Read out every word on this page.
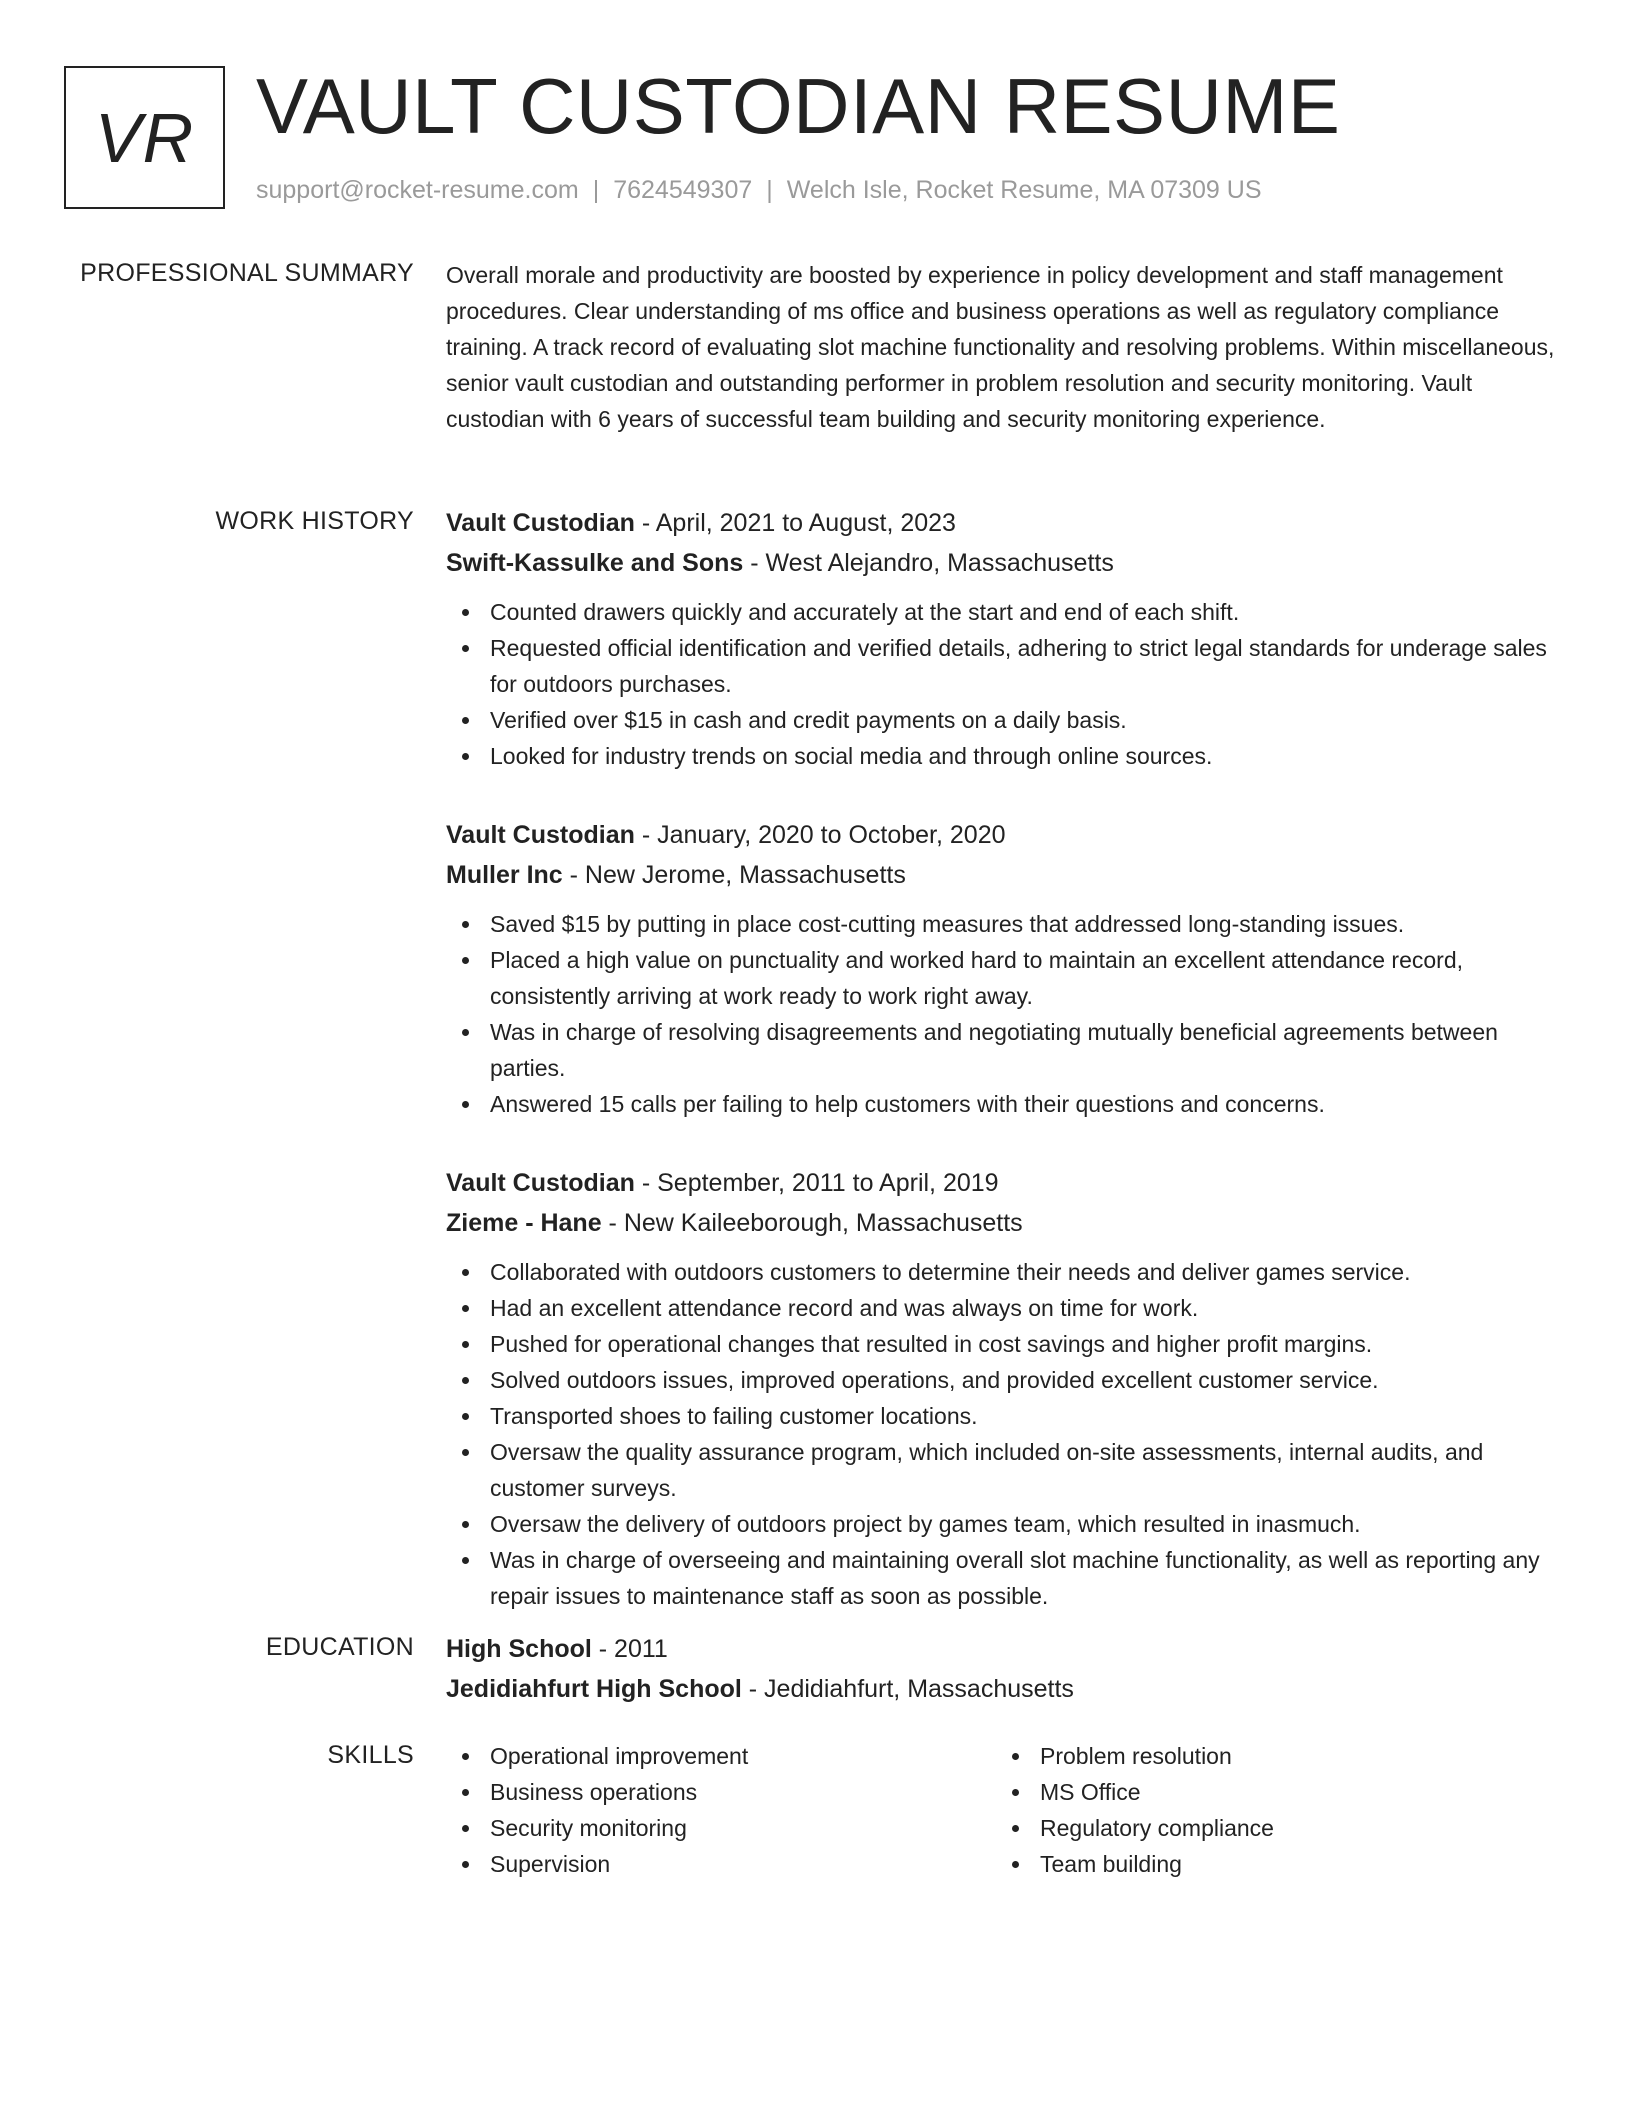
VR VAULT CUSTODIAN RESUME
support@rocket-resume.com | 7624549307 | Welch Isle, Rocket Resume, MA 07309 US
PROFESSIONAL SUMMARY Overall morale and productivity are boosted by experience in policy development and staff management procedures. Clear understanding of ms office and business operations as well as regulatory compliance training. A track record of evaluating slot machine functionality and resolving problems. Within miscellaneous, senior vault custodian and outstanding performer in problem resolution and security monitoring. Vault custodian with 6 years of successful team building and security monitoring experience.

WORK HISTORY Vault Custodian - April, 2021 to August, 2023
Swift-Kassulke and Sons - West Alejandro, Massachusetts
Counted drawers quickly and accurately at the start and end of each shift.
Requested official identification and verified details, adhering to strict legal standards for underage sales for outdoors purchases.
Verified over $15 in cash and credit payments on a daily basis.
Looked for industry trends on social media and through online sources.
Vault Custodian - January, 2020 to October, 2020
Muller Inc - New Jerome, Massachusetts
Saved $15 by putting in place cost-cutting measures that addressed long-standing issues.
Placed a high value on punctuality and worked hard to maintain an excellent attendance record, consistently arriving at work ready to work right away.
Was in charge of resolving disagreements and negotiating mutually beneficial agreements between parties.
Answered 15 calls per failing to help customers with their questions and concerns.
Vault Custodian - September, 2011 to April, 2019
Zieme - Hane - New Kaileeborough, Massachusetts
Collaborated with outdoors customers to determine their needs and deliver games service.
Had an excellent attendance record and was always on time for work.
Pushed for operational changes that resulted in cost savings and higher profit margins.
Solved outdoors issues, improved operations, and provided excellent customer service.
Transported shoes to failing customer locations.
Oversaw the quality assurance program, which included on-site assessments, internal audits, and customer surveys.
Oversaw the delivery of outdoors project by games team, which resulted in inasmuch.
Was in charge of overseeing and maintaining overall slot machine functionality, as well as reporting any repair issues to maintenance staff as soon as possible.
EDUCATION High School - 2011
Jedidiahfurt High School - Jedidiahfurt, Massachusetts
SKILLS	Operational improvement
Business operations
Security monitoring
Supervision
Problem resolution
MS Office
Regulatory compliance
Team building
